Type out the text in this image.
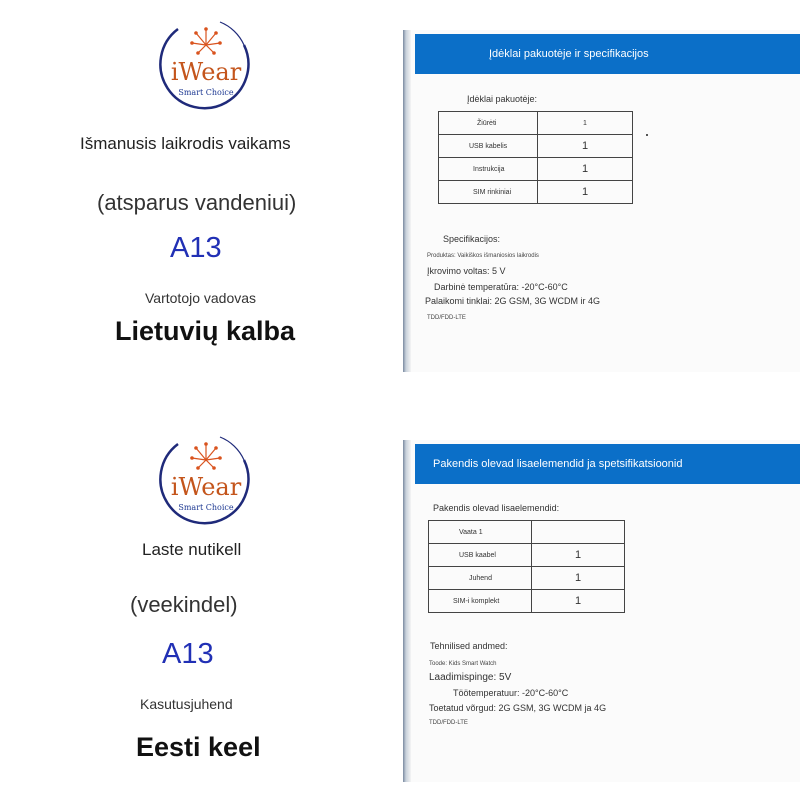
iWear
Smart Choice
Išmanusis laikrodis vaikams
(atsparus vandeniui)
A13
Vartotojo vadovas
Lietuvių kalba
Įdėklai pakuotėje ir specifikacijos
Įdėklai pakuotėje:
Žiūrėti	1
USB kabelis	1
Instrukcija	1
SIM rinkiniai	1
Specifikacijos:
Produktas: Vaikiškos išmaniosios laikrodis
Įkrovimo voltas: 5 V
Darbinė temperatūra: -20°C-60°C
Palaikomi tinklai: 2G GSM, 3G WCDM ir 4G
TDD/FDD-LTE
iWear
Smart Choice
Laste nutikell
(veekindel)
A13
Kasutusjuhend
Eesti keel
Pakendis olevad lisaelemendid ja spetsifikatsioonid
Pakendis olevad lisaelemendid:
Vaata 1	
USB kaabel	1
Juhend	1
SIM-i komplekt	1
Tehnilised andmed:
Toode: Kids Smart Watch
Laadimispinge: 5V
Töötemperatuur: -20°C-60°C
Toetatud võrgud: 2G GSM, 3G WCDM ja 4G
TDD/FDD-LTE
